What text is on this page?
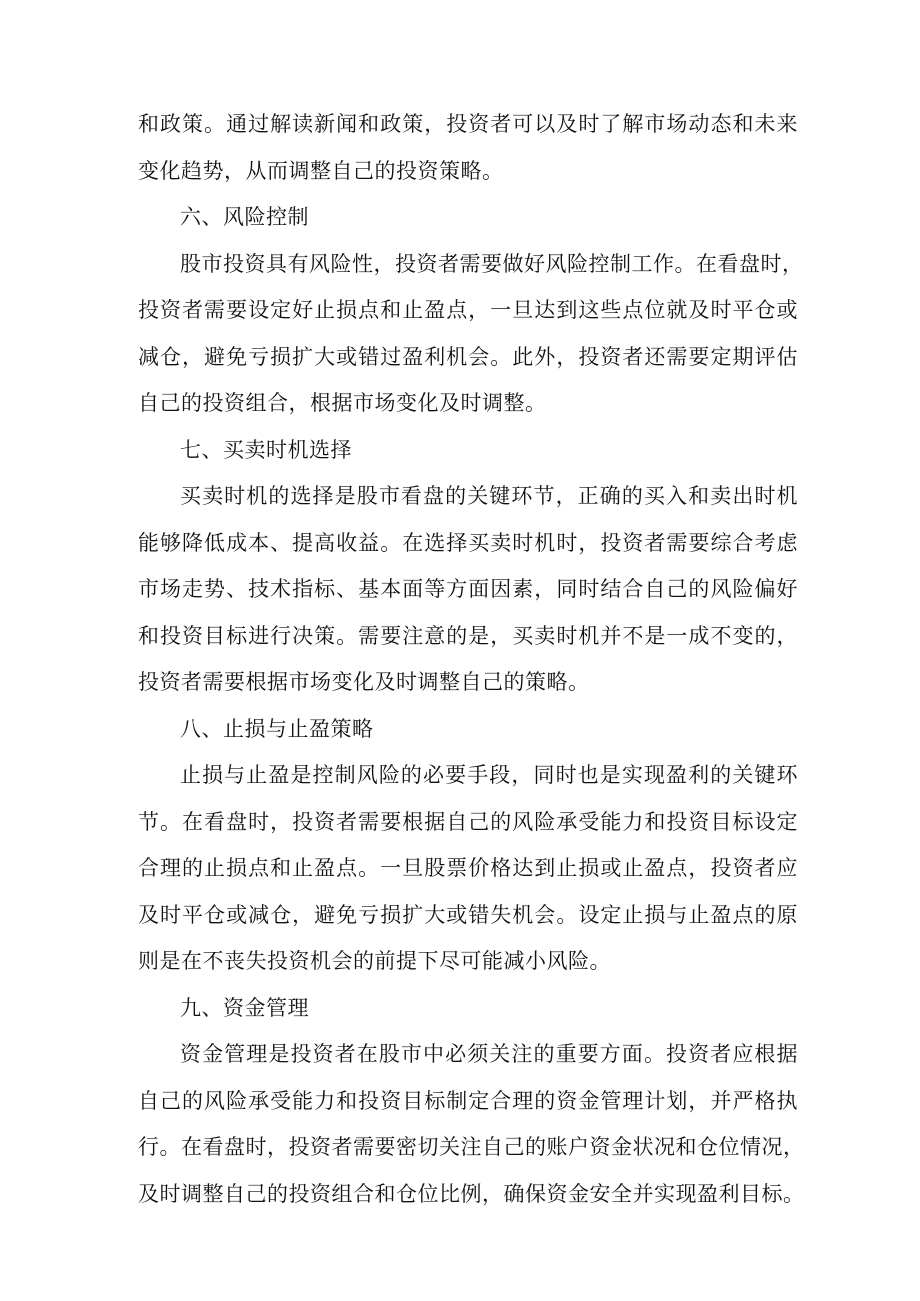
和政策。通过解读新闻和政策，投资者可以及时了解市场动态和未来
变化趋势，从而调整自己的投资策略。
六、风险控制
股市投资具有风险性，投资者需要做好风险控制工作。在看盘时，
投资者需要设定好止损点和止盈点，一旦达到这些点位就及时平仓或
减仓，避免亏损扩大或错过盈利机会。此外，投资者还需要定期评估
自己的投资组合，根据市场变化及时调整。
七、买卖时机选择
买卖时机的选择是股市看盘的关键环节，正确的买入和卖出时机
能够降低成本、提高收益。在选择买卖时机时，投资者需要综合考虑
市场走势、技术指标、基本面等方面因素，同时结合自己的风险偏好
和投资目标进行决策。需要注意的是，买卖时机并不是一成不变的，
投资者需要根据市场变化及时调整自己的策略。
八、止损与止盈策略
止损与止盈是控制风险的必要手段，同时也是实现盈利的关键环
节。在看盘时，投资者需要根据自己的风险承受能力和投资目标设定
合理的止损点和止盈点。一旦股票价格达到止损或止盈点，投资者应
及时平仓或减仓，避免亏损扩大或错失机会。设定止损与止盈点的原
则是在不丧失投资机会的前提下尽可能减小风险。
九、资金管理
资金管理是投资者在股市中必须关注的重要方面。投资者应根据
自己的风险承受能力和投资目标制定合理的资金管理计划，并严格执
行。在看盘时，投资者需要密切关注自己的账户资金状况和仓位情况，
及时调整自己的投资组合和仓位比例，确保资金安全并实现盈利目标。
